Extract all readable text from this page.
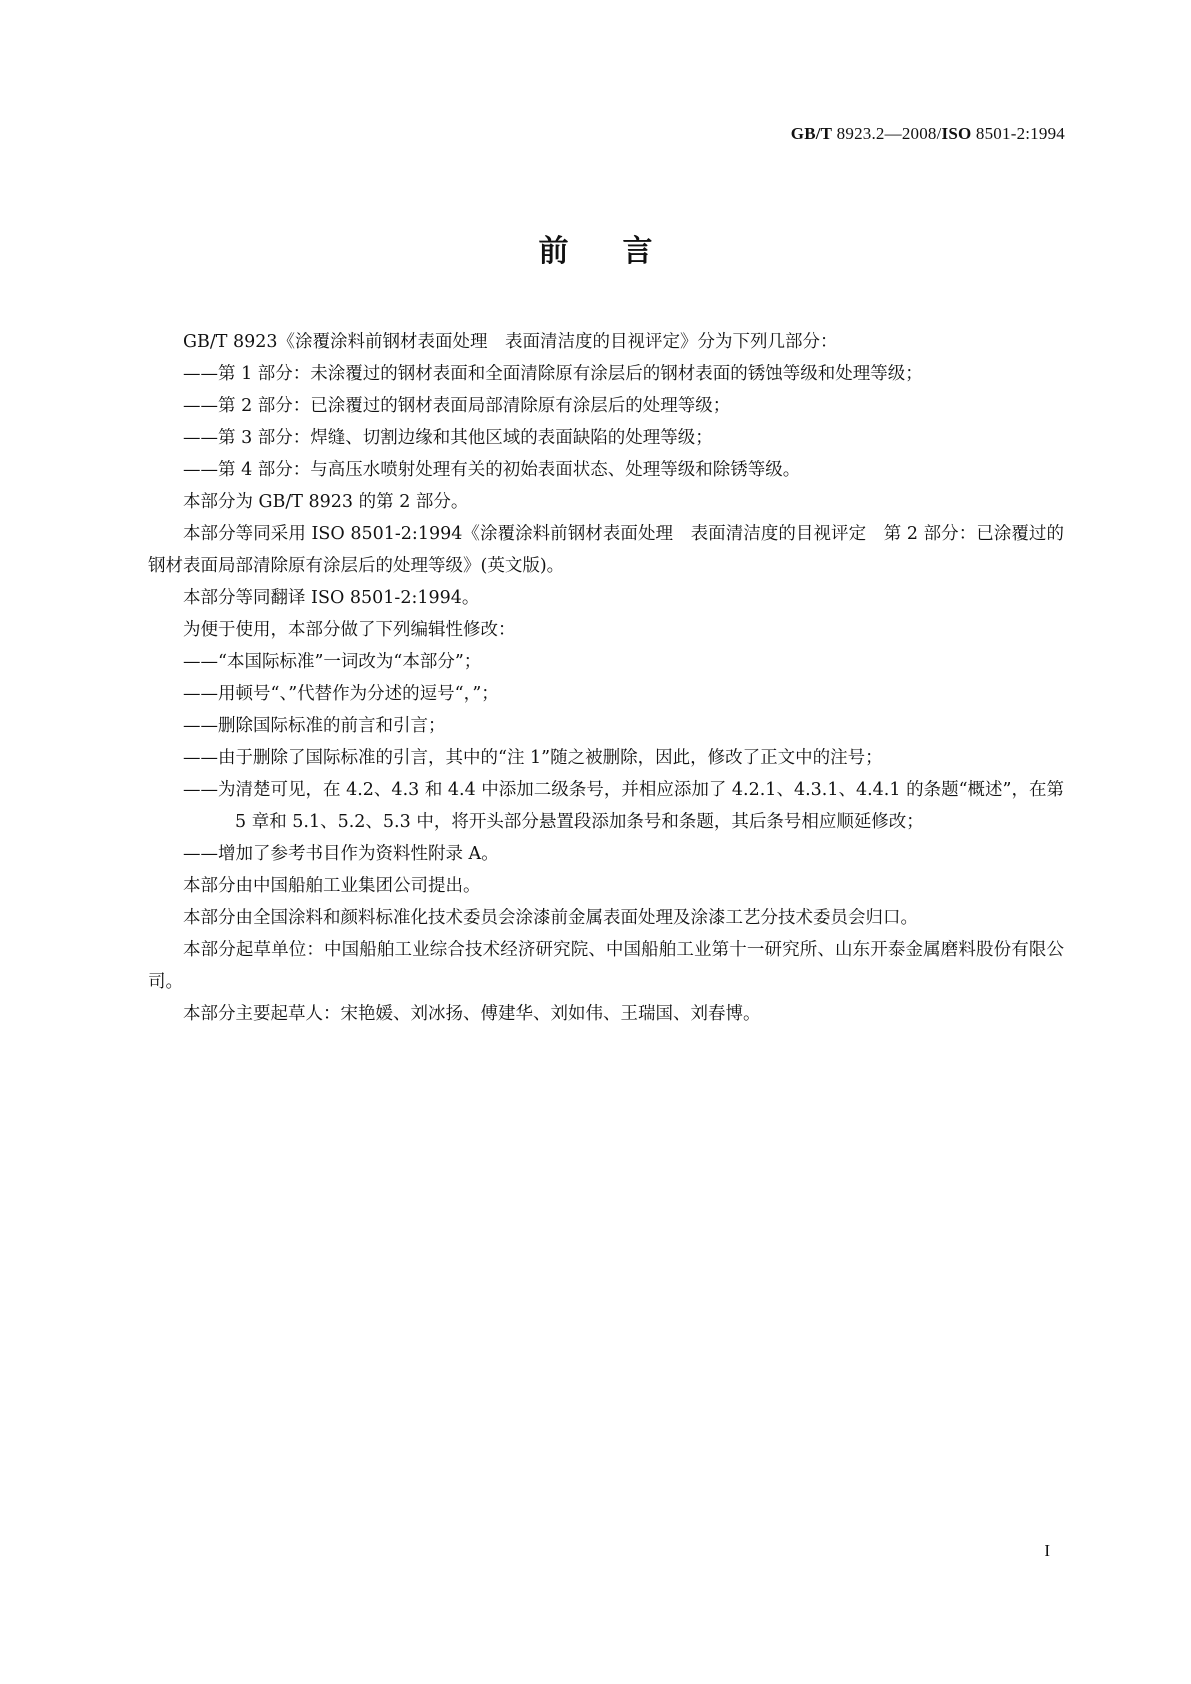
GB/T 8923.2—2008/ISO 8501-2:1994
前言

GB/T 8923《涂覆涂料前钢材表面处理　表面清洁度的目视评定》分为下列几部分：

——第 1 部分：未涂覆过的钢材表面和全面清除原有涂层后的钢材表面的锈蚀等级和处理等级；

——第 2 部分：已涂覆过的钢材表面局部清除原有涂层后的处理等级；

——第 3 部分：焊缝、切割边缘和其他区域的表面缺陷的处理等级；

——第 4 部分：与高压水喷射处理有关的初始表面状态、处理等级和除锈等级。

本部分为 GB/T 8923 的第 2 部分。

本部分等同采用 ISO 8501-2:1994《涂覆涂料前钢材表面处理　表面清洁度的目视评定　第 2 部分：已涂覆过的钢材表面局部清除原有涂层后的处理等级》(英文版)。

本部分等同翻译 ISO 8501-2:1994。

为便于使用，本部分做了下列编辑性修改：

——“本国际标准”一词改为“本部分”；

——用顿号“、”代替作为分述的逗号“，”；

——删除国际标准的前言和引言；

——由于删除了国际标准的引言，其中的“注 1”随之被删除，因此，修改了正文中的注号；

——为清楚可见，在 4.2、4.3 和 4.4 中添加二级条号，并相应添加了 4.2.1、4.3.1、4.4.1 的条题“概述”，在第 5 章和 5.1、5.2、5.3 中，将开头部分悬置段添加条号和条题，其后条号相应顺延修改；

——增加了参考书目作为资料性附录 A。

本部分由中国船舶工业集团公司提出。

本部分由全国涂料和颜料标准化技术委员会涂漆前金属表面处理及涂漆工艺分技术委员会归口。

本部分起草单位：中国船舶工业综合技术经济研究院、中国船舶工业第十一研究所、山东开泰金属磨料股份有限公司。

本部分主要起草人：宋艳媛、刘冰扬、傅建华、刘如伟、王瑞国、刘春博。

I
